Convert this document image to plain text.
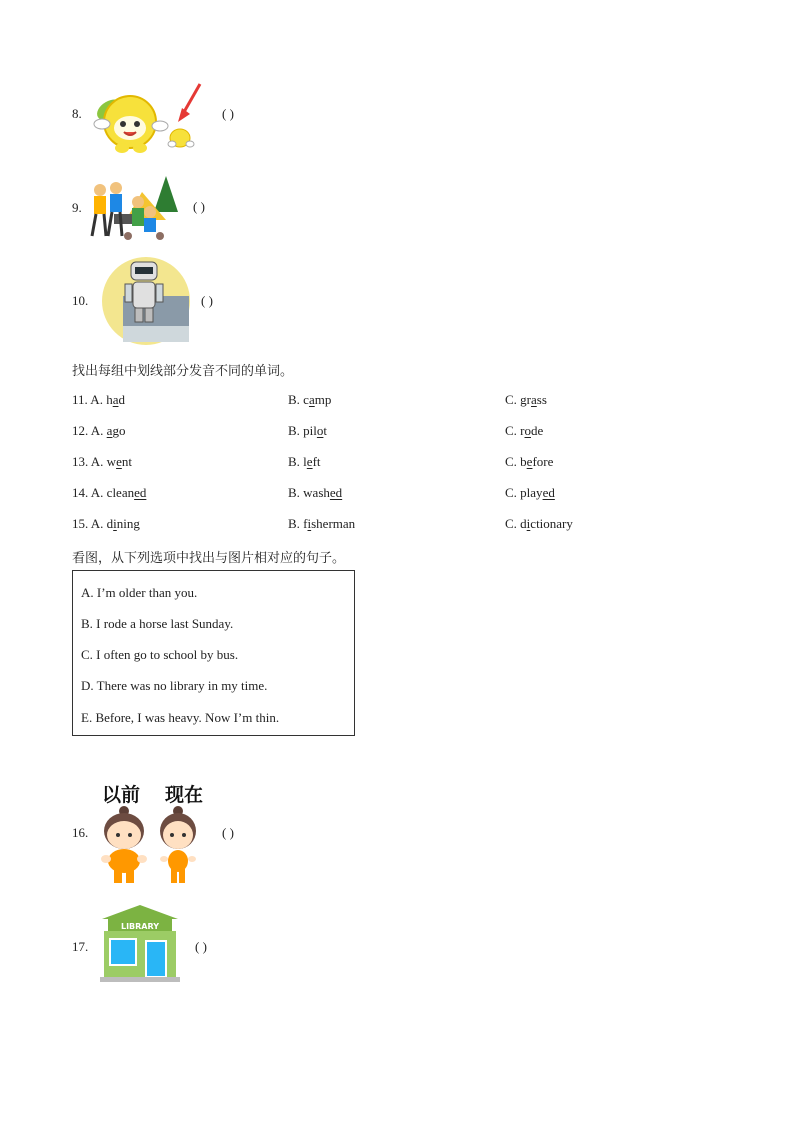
8.	( )
9.	( )
10.	( )
找出每组中划线部分发音不同的单词。
11. A. had	B. camp	C. grass
12. A. ago	B. pilot	C. rode
13. A. went	B. left	C. before
14. A. cleaned	B. washed	C. played
15. A. dining	B. fisherman	C. dictionary
看图，从下列选项中找出与图片相对应的句子。
A. I’m older than you.
B. I rode a horse last Sunday.
C. I often go to school by bus.
D. There was no library in my time.
E. Before, I was heavy. Now I’m thin.
以前 现在
16.	( )
17.
LIBRARY
( )
